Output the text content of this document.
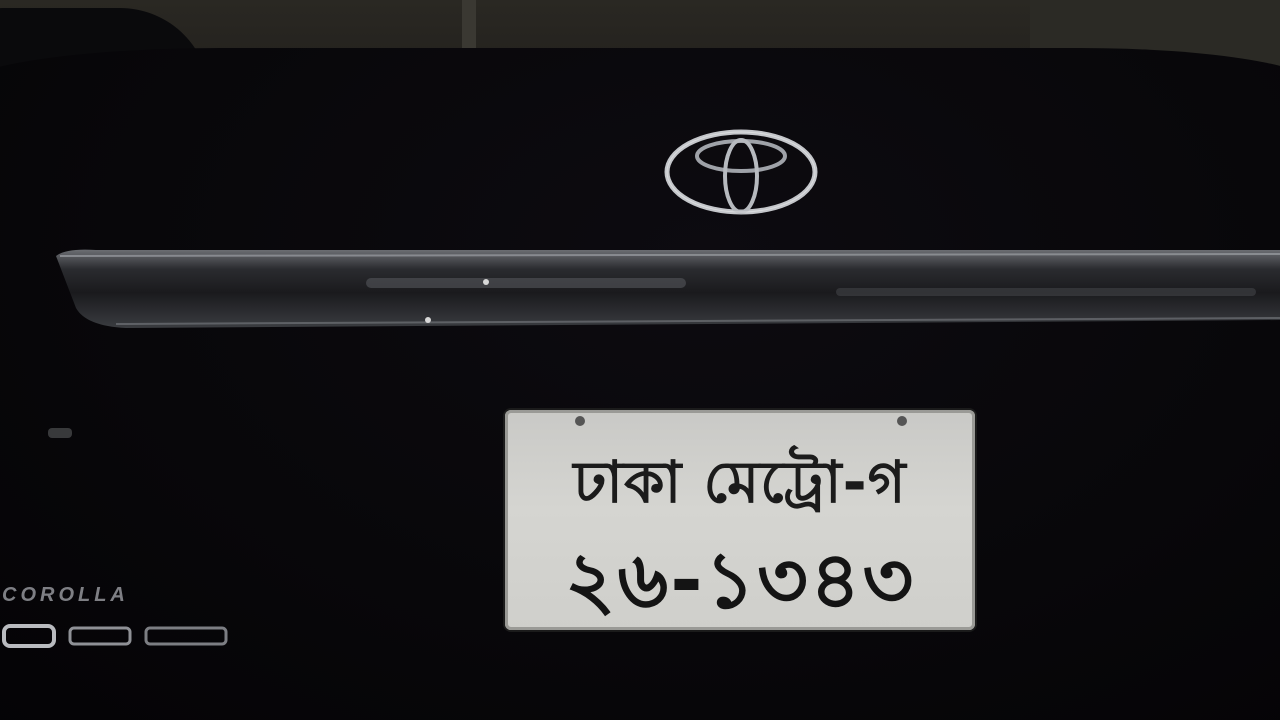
ঢাকা মেট্রো-গ
২৬-১৩৪৩
COROLLA
